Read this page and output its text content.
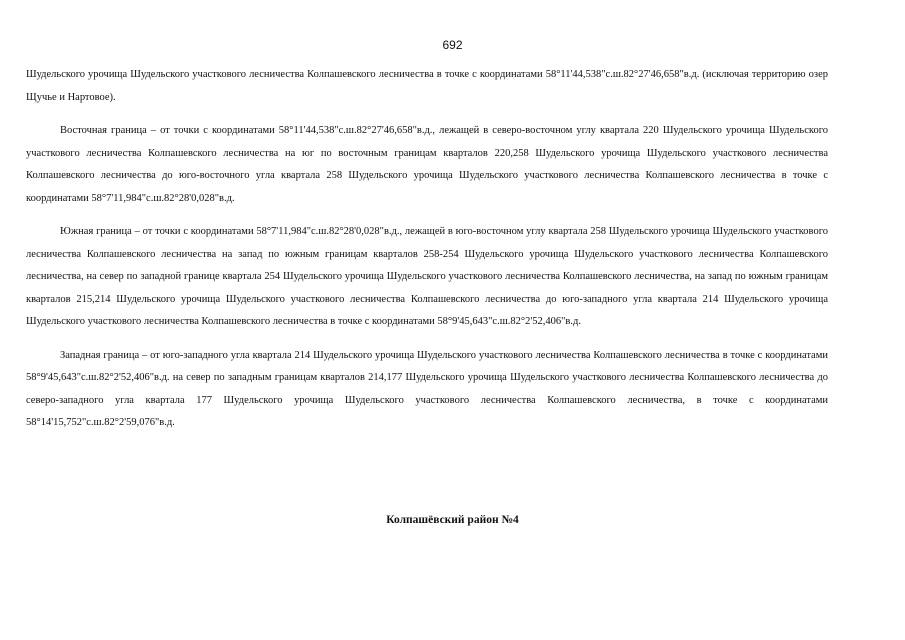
692

Шудельского урочища Шудельского участкового лесничества Колпашевского лесничества в точке с координатами 58°11'44,538"с.ш.82°27'46,658"в.д. (исключая территорию озер Щучье и Нартовое).

Восточная граница – от точки с координатами 58°11'44,538"с.ш.82°27'46,658"в.д., лежащей в северо-восточном углу квартала 220 Шудельского урочища Шудельского участкового лесничества Колпашевского лесничества на юг по восточным границам кварталов 220,258 Шудельского урочища Шудельского участкового лесничества Колпашевского лесничества до юго-восточного угла квартала 258 Шудельского урочища Шудельского участкового лесничества Колпашевского лесничества в точке с координатами 58°7'11,984"с.ш.82°28'0,028"в.д.

Южная граница – от точки с координатами 58°7'11,984"с.ш.82°28'0,028"в.д., лежащей в юго-восточном углу квартала 258 Шудельского урочища Шудельского участкового лесничества Колпашевского лесничества на запад по южным границам кварталов 258-254 Шудельского урочища Шудельского участкового лесничества Колпашевского лесничества, на север по западной границе квартала 254 Шудельского урочища Шудельского участкового лесничества Колпашевского лесничества, на запад по южным границам кварталов 215,214 Шудельского урочища Шудельского участкового лесничества Колпашевского лесничества до юго-западного угла квартала 214 Шудельского урочища Шудельского участкового лесничества Колпашевского лесничества в точке с координатами 58°9'45,643"с.ш.82°2'52,406"в.д.

Западная граница – от юго-западного угла квартала 214 Шудельского урочища Шудельского участкового лесничества Колпашевского лесничества в точке с координатами 58°9'45,643"с.ш.82°2'52,406"в.д. на север по западным границам кварталов 214,177 Шудельского урочища Шудельского участкового лесничества Колпашевского лесничества до северо-западного угла квартала 177 Шудельского урочища Шудельского участкового лесничества Колпашевского лесничества, в точке с координатами 58°14'15,752"с.ш.82°2'59,076"в.д.

Колпашёвский район №4
